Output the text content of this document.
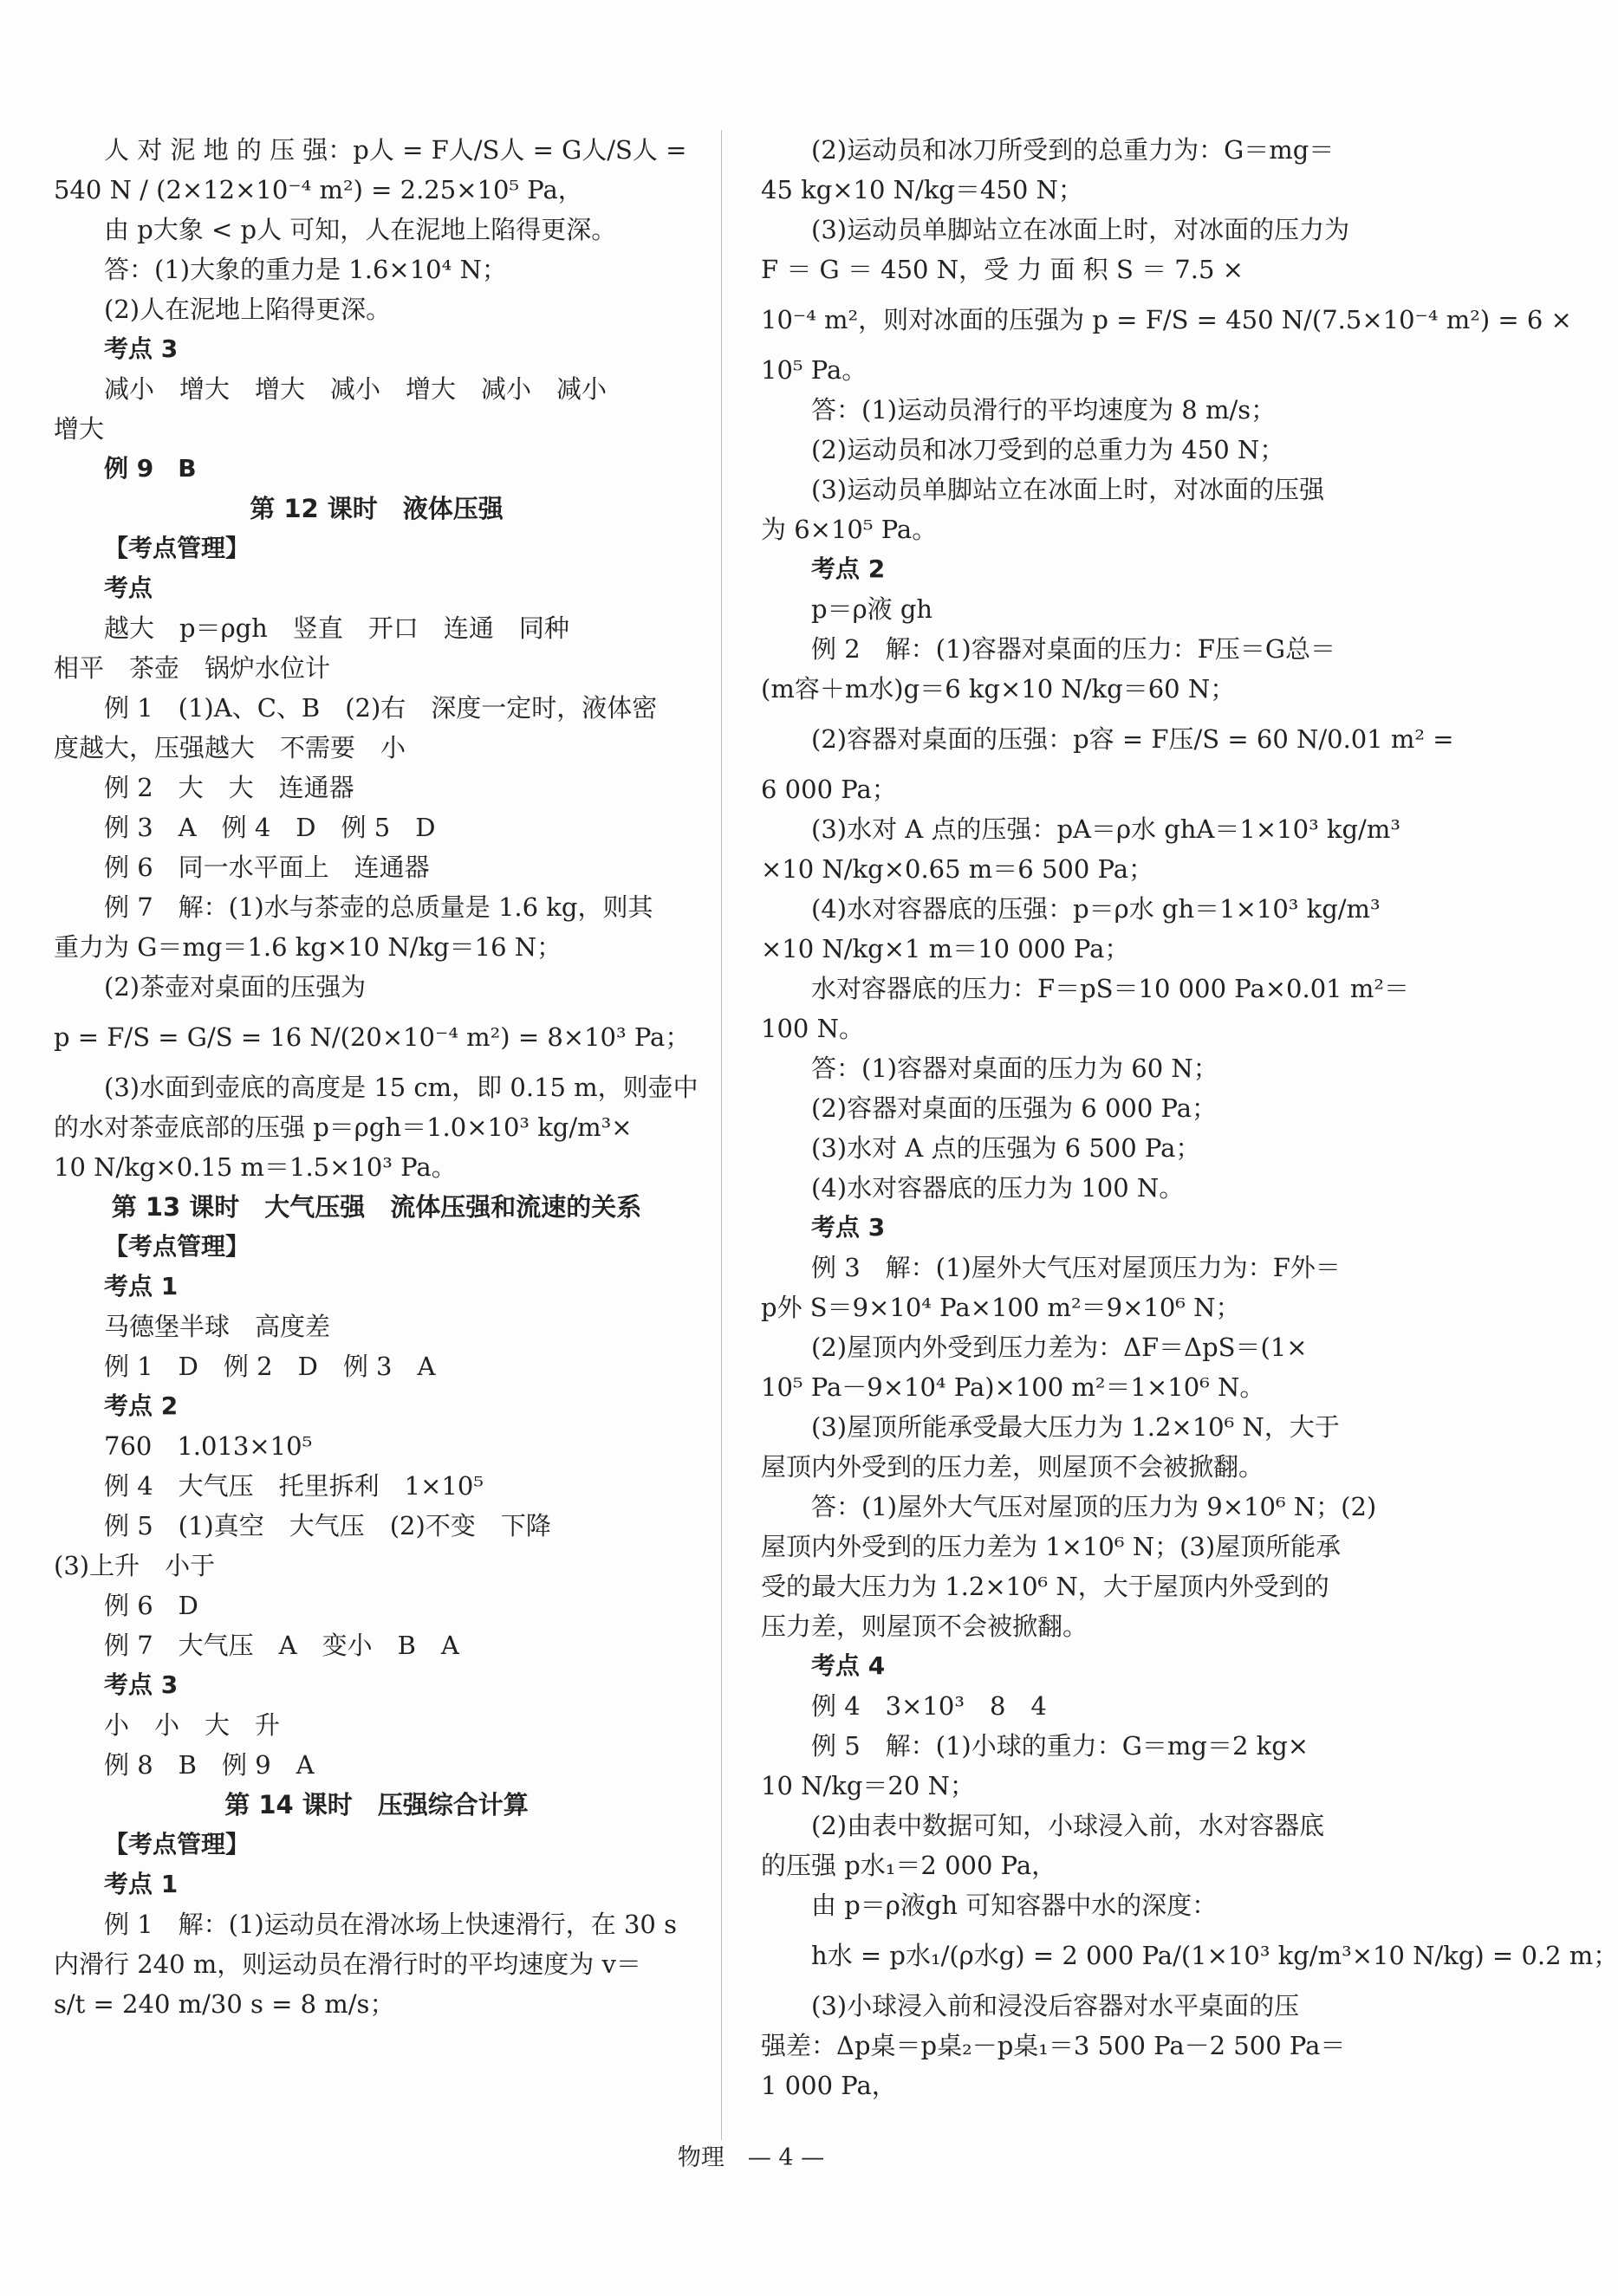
人 对 泥 地 的 压 强：p人 = F人/S人 = G人/S人 =
540 N / (2×12×10⁻⁴ m²) = 2.25×10⁵ Pa，
由 p大象 < p人 可知，人在泥地上陷得更深。
答：(1)大象的重力是 1.6×10⁴ N；
(2)人在泥地上陷得更深。
考点 3
减小　增大　增大　减小　增大　减小　减小
增大
例 9　B
第 12 课时　液体压强
【考点管理】
考点
越大　p＝ρgh　竖直　开口　连通　同种
相平　茶壶　锅炉水位计
例 1　(1)A、C、B　(2)右　深度一定时，液体密
度越大，压强越大　不需要　小
例 2　大　大　连通器
例 3　A　例 4　D　例 5　D
例 6　同一水平面上　连通器
例 7　解：(1)水与茶壶的总质量是 1.6 kg，则其
重力为 G＝mg＝1.6 kg×10 N/kg＝16 N；
(2)茶壶对桌面的压强为
p = F/S = G/S = 16 N/(20×10⁻⁴ m²) = 8×10³ Pa；
(3)水面到壶底的高度是 15 cm，即 0.15 m，则壶中
的水对茶壶底部的压强 p＝ρgh＝1.0×10³ kg/m³×
10 N/kg×0.15 m＝1.5×10³ Pa。
第 13 课时　大气压强　流体压强和流速的关系
【考点管理】
考点 1
马德堡半球　高度差
例 1　D　例 2　D　例 3　A
考点 2
760　1.013×10⁵
例 4　大气压　托里拆利　1×10⁵
例 5　(1)真空　大气压　(2)不变　下降
(3)上升　小于
例 6　D
例 7　大气压　A　变小　B　A
考点 3
小　小　大　升
例 8　B　例 9　A
第 14 课时　压强综合计算
【考点管理】
考点 1
例 1　解：(1)运动员在滑冰场上快速滑行，在 30 s
内滑行 240 m，则运动员在滑行时的平均速度为 v＝
s/t = 240 m/30 s = 8 m/s；
(2)运动员和冰刀所受到的总重力为：G＝mg＝
45 kg×10 N/kg＝450 N；
(3)运动员单脚站立在冰面上时，对冰面的压力为
F ＝ G ＝ 450 N，受 力 面 积 S ＝ 7.5 ×
10⁻⁴ m²，则对冰面的压强为 p = F/S = 450 N/(7.5×10⁻⁴ m²) = 6 ×
10⁵ Pa。
答：(1)运动员滑行的平均速度为 8 m/s；
(2)运动员和冰刀受到的总重力为 450 N；
(3)运动员单脚站立在冰面上时，对冰面的压强
为 6×10⁵ Pa。
考点 2
p＝ρ液 gh
例 2　解：(1)容器对桌面的压力：F压＝G总＝
(m容＋m水)g＝6 kg×10 N/kg＝60 N；
(2)容器对桌面的压强：p容 = F压/S = 60 N/0.01 m² =
6 000 Pa；
(3)水对 A 点的压强：pA＝ρ水 ghA＝1×10³ kg/m³
×10 N/kg×0.65 m＝6 500 Pa；
(4)水对容器底的压强：p＝ρ水 gh＝1×10³ kg/m³
×10 N/kg×1 m＝10 000 Pa；
水对容器底的压力：F＝pS＝10 000 Pa×0.01 m²＝
100 N。
答：(1)容器对桌面的压力为 60 N；
(2)容器对桌面的压强为 6 000 Pa；
(3)水对 A 点的压强为 6 500 Pa；
(4)水对容器底的压力为 100 N。
考点 3
例 3　解：(1)屋外大气压对屋顶压力为：F外＝
p外 S＝9×10⁴ Pa×100 m²＝9×10⁶ N；
(2)屋顶内外受到压力差为：ΔF＝ΔpS＝(1×
10⁵ Pa－9×10⁴ Pa)×100 m²＝1×10⁶ N。
(3)屋顶所能承受最大压力为 1.2×10⁶ N，大于
屋顶内外受到的压力差，则屋顶不会被掀翻。
答：(1)屋外大气压对屋顶的压力为 9×10⁶ N；(2)
屋顶内外受到的压力差为 1×10⁶ N；(3)屋顶所能承
受的最大压力为 1.2×10⁶ N，大于屋顶内外受到的
压力差，则屋顶不会被掀翻。
考点 4
例 4　3×10³　8　4
例 5　解：(1)小球的重力：G＝mg＝2 kg×
10 N/kg＝20 N；
(2)由表中数据可知，小球浸入前，水对容器底
的压强 p水₁＝2 000 Pa，
由 p＝ρ液gh 可知容器中水的深度：
h水 = p水₁/(ρ水g) = 2 000 Pa/(1×10³ kg/m³×10 N/kg) = 0.2 m；
(3)小球浸入前和浸没后容器对水平桌面的压
强差：Δp桌＝p桌₂－p桌₁＝3 500 Pa－2 500 Pa＝
1 000 Pa，
物理　— 4 —
